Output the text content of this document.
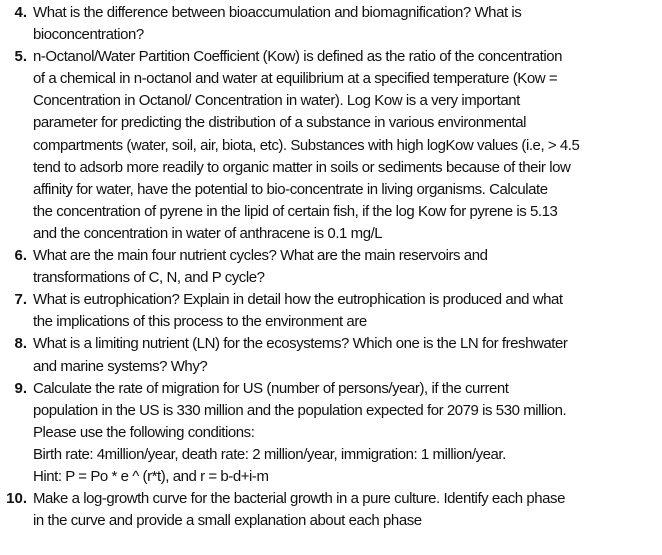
4. What is the difference between bioaccumulation and biomagnification? What is
bioconcentration?
5. n-Octanol/Water Partition Coefficient (Kow) is defined as the ratio of the concentration
of a chemical in n-octanol and water at equilibrium at a specified temperature (Kow =
Concentration in Octanol/ Concentration in water). Log Kow is a very important
parameter for predicting the distribution of a substance in various environmental
compartments (water, soil, air, biota, etc). Substances with high logKow values (i.e, > 4.5
tend to adsorb more readily to organic matter in soils or sediments because of their low
affinity for water, have the potential to bio-concentrate in living organisms. Calculate
the concentration of pyrene in the lipid of certain fish, if the log Kow for pyrene is 5.13
and the concentration in water of anthracene is 0.1 mg/L
6. What are the main four nutrient cycles? What are the main reservoirs and
transformations of C, N, and P cycle?
7. What is eutrophication? Explain in detail how the eutrophication is produced and what
the implications of this process to the environment are
8. What is a limiting nutrient (LN) for the ecosystems? Which one is the LN for freshwater
and marine systems? Why?
9. Calculate the rate of migration for US (number of persons/year), if the current
population in the US is 330 million and the population expected for 2079 is 530 million.
Please use the following conditions:
Birth rate: 4million/year, death rate: 2 million/year, immigration: 1 million/year.
Hint: P = Po * e ^ (r*t), and r = b-d+i-m
10. Make a log-growth curve for the bacterial growth in a pure culture. Identify each phase
in the curve and provide a small explanation about each phase
